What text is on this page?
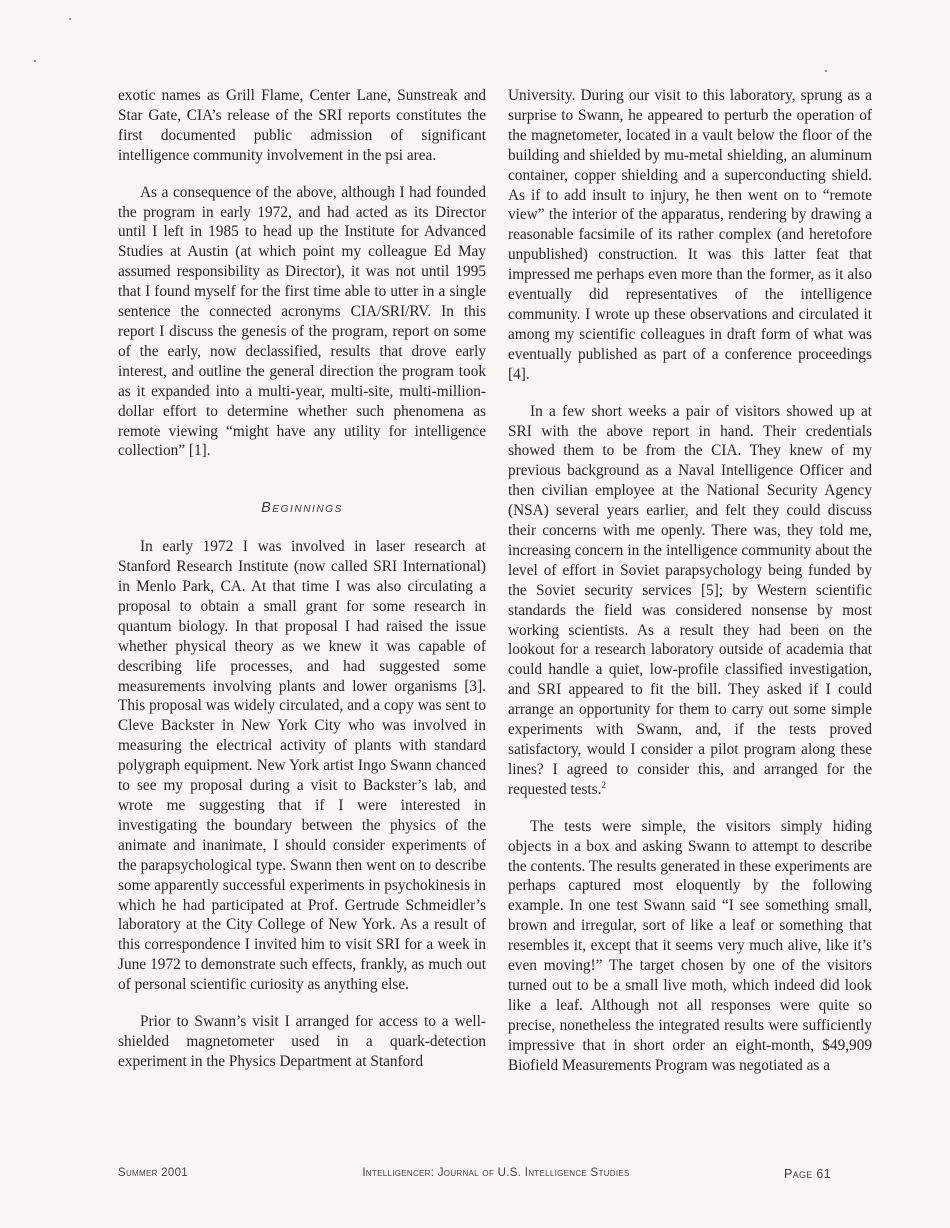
exotic names as Grill Flame, Center Lane, Sunstreak and Star Gate, CIA’s release of the SRI reports constitutes the first documented public admission of significant intelligence community involvement in the psi area.

As a consequence of the above, although I had founded the program in early 1972, and had acted as its Director until I left in 1985 to head up the Institute for Advanced Studies at Austin (at which point my colleague Ed May assumed responsibility as Director), it was not until 1995 that I found myself for the first time able to utter in a single sentence the connected acronyms CIA/SRI/RV. In this report I discuss the genesis of the program, report on some of the early, now declassified, results that drove early interest, and outline the general direction the program took as it expanded into a multi-year, multi-site, multi-million-dollar effort to determine whether such phenomena as remote viewing “might have any utility for intelligence collection” [1].

Beginnings

In early 1972 I was involved in laser research at Stanford Research Institute (now called SRI International) in Menlo Park, CA. At that time I was also circulating a proposal to obtain a small grant for some research in quantum biology. In that proposal I had raised the issue whether physical theory as we knew it was capable of describing life processes, and had suggested some measurements involving plants and lower organisms [3]. This proposal was widely circulated, and a copy was sent to Cleve Backster in New York City who was involved in measuring the electrical activity of plants with standard polygraph equipment. New York artist Ingo Swann chanced to see my proposal during a visit to Backster’s lab, and wrote me suggesting that if I were interested in investigating the boundary between the physics of the animate and inanimate, I should consider experiments of the parapsychological type. Swann then went on to describe some apparently successful experiments in psychokinesis in which he had participated at Prof. Gertrude Schmeidler’s laboratory at the City College of New York. As a result of this correspondence I invited him to visit SRI for a week in June 1972 to demonstrate such effects, frankly, as much out of personal scientific curiosity as anything else.

Prior to Swann’s visit I arranged for access to a well-shielded magnetometer used in a quark-detection experiment in the Physics Department at Stanford

University. During our visit to this laboratory, sprung as a surprise to Swann, he appeared to perturb the operation of the magnetometer, located in a vault below the floor of the building and shielded by mu-metal shielding, an aluminum container, copper shielding and a superconducting shield. As if to add insult to injury, he then went on to “remote view” the interior of the apparatus, rendering by drawing a reasonable facsimile of its rather complex (and heretofore unpublished) construction. It was this latter feat that impressed me perhaps even more than the former, as it also eventually did representatives of the intelligence community. I wrote up these observations and circulated it among my scientific colleagues in draft form of what was eventually published as part of a conference proceedings [4].

In a few short weeks a pair of visitors showed up at SRI with the above report in hand. Their credentials showed them to be from the CIA. They knew of my previous background as a Naval Intelligence Officer and then civilian employee at the National Security Agency (NSA) several years earlier, and felt they could discuss their concerns with me openly. There was, they told me, increasing concern in the intelligence community about the level of effort in Soviet parapsychology being funded by the Soviet security services [5]; by Western scientific standards the field was considered nonsense by most working scientists. As a result they had been on the lookout for a research laboratory outside of academia that could handle a quiet, low-profile classified investigation, and SRI appeared to fit the bill. They asked if I could arrange an opportunity for them to carry out some simple experiments with Swann, and, if the tests proved satisfactory, would I consider a pilot program along these lines? I agreed to consider this, and arranged for the requested tests.$^2$

The tests were simple, the visitors simply hiding objects in a box and asking Swann to attempt to describe the contents. The results generated in these experiments are perhaps captured most eloquently by the following example. In one test Swann said “I see something small, brown and irregular, sort of like a leaf or something that resembles it, except that it seems very much alive, like it’s even moving!” The target chosen by one of the visitors turned out to be a small live moth, which indeed did look like a leaf. Although not all responses were quite so precise, nonetheless the integrated results were sufficiently impressive that in short order an eight-month, $49,909 Biofield Measurements Program was negotiated as a

Summer 2001	Intelligencer: Journal of U.S. Intelligence Studies	Page 61
